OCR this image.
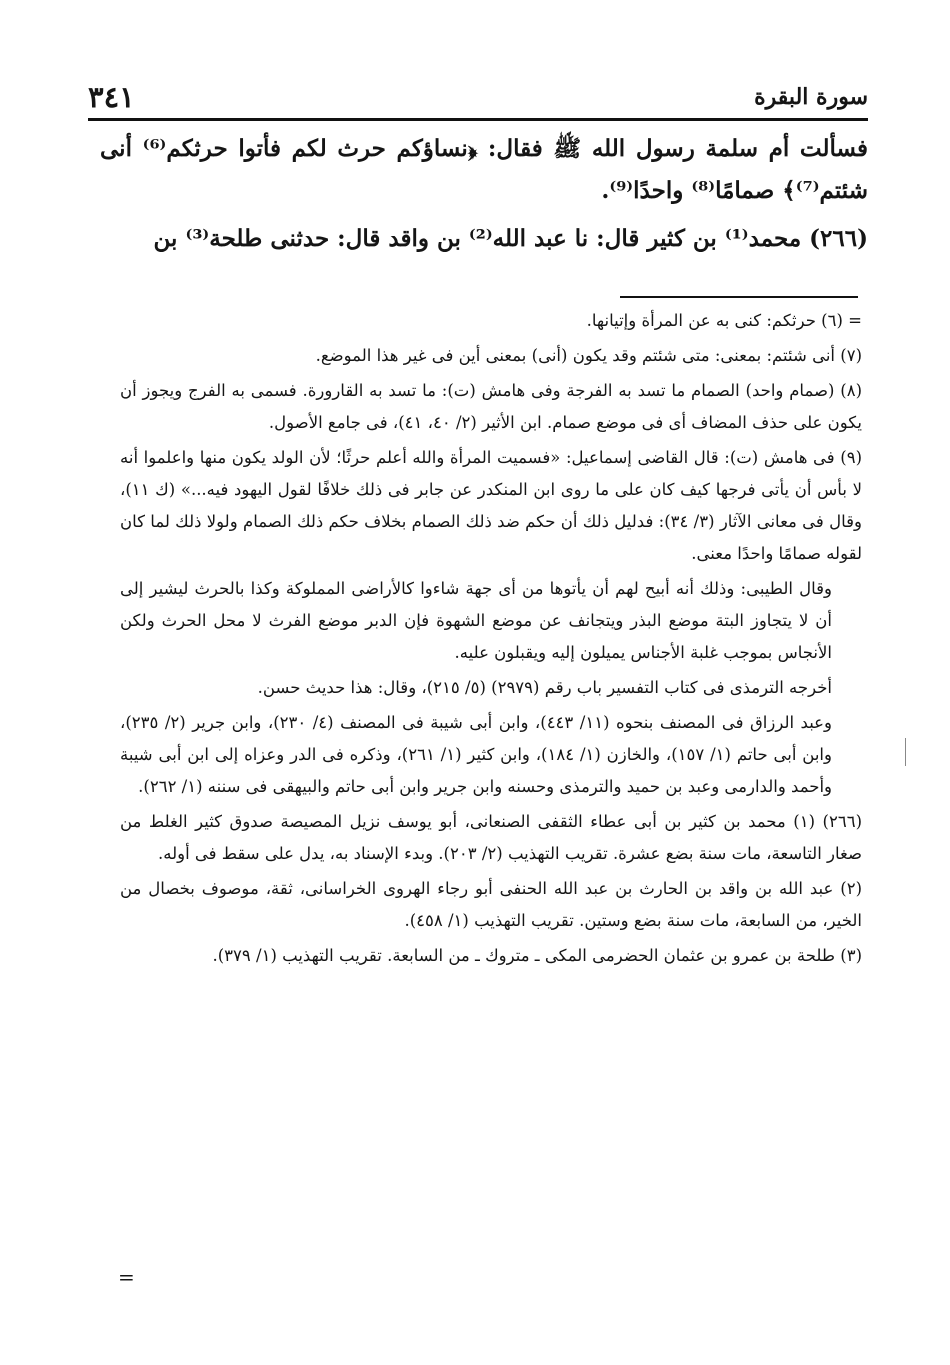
٣٤١	سورة البقرة

فسألت أم سلمة رسول الله ﷺ فقال: ﴿نساؤكم حرث لكم فأتوا حرثكم⁽⁶⁾ أنى شئتم⁽⁷⁾﴾ صمامًا⁽⁸⁾ واحدًا⁽⁹⁾.

(٢٦٦) محمد⁽¹⁾ بن كثير قال: نا عبد الله⁽²⁾ بن واقد قال: حدثنى طلحة⁽³⁾ بن

= (٦) حرثكم: كنى به عن المرأة وإتيانها.

(٧) أنى شئتم: بمعنى: متى شئتم وقد يكون (أنى) بمعنى أين فى غير هذا الموضع.

(٨) (صمام واحد) الصمام ما تسد به الفرجة وفى هامش (ت): ما تسد به القارورة. فسمى به الفرج ويجوز أن يكون على حذف المضاف أى فى موضع صمام. ابن الأثير (٢/ ٤٠، ٤١)، فى جامع الأصول.

(٩) فى هامش (ت): قال القاضى إسماعيل: «فسميت المرأة والله أعلم حرثًا؛ لأن الولد يكون منها واعلموا أنه لا بأس أن يأتى فرجها كيف كان على ما روى ابن المنكدر عن جابر فى ذلك خلافًا لقول اليهود فيه...» (ك ١١)، وقال فى معانى الآثار (٣/ ٣٤): فدليل ذلك أن حكم ضد ذلك الصمام بخلاف حكم ذلك الصمام ولولا ذلك لما كان لقوله صمامًا واحدًا معنى.

وقال الطيبى: وذلك أنه أبيح لهم أن يأتوها من أى جهة شاءوا كالأراضى المملوكة وكذا بالحرث ليشير إلى أن لا يتجاوز البتة موضع البذر ويتجانف عن موضع الشهوة فإن الدبر موضع الفرث لا محل الحرث ولكن الأنجاس بموجب غلبة الأجناس يميلون إليه ويقبلون عليه.

أخرجه الترمذى فى كتاب التفسير باب رقم (٢٩٧٩) (٥/ ٢١٥)، وقال: هذا حديث حسن.

وعبد الرزاق فى المصنف بنحوه (١١/ ٤٤٣)، وابن أبى شيبة فى المصنف (٤/ ٢٣٠)، وابن جرير (٢/ ٢٣٥)، وابن أبى حاتم (١/ ١٥٧)، والخازن (١/ ١٨٤)، وابن كثير (١/ ٢٦١)، وذكره فى الدر وعزاه إلى ابن أبى شيبة وأحمد والدارمى وعبد بن حميد والترمذى وحسنه وابن جرير وابن أبى حاتم والبيهقى فى سننه (١/ ٢٦٢).

(٢٦٦) (١) محمد بن كثير بن أبى عطاء الثقفى الصنعانى، أبو يوسف نزيل المصيصة صدوق كثير الغلط من صغار التاسعة، مات سنة بضع عشرة. تقريب التهذيب (٢/ ٢٠٣). وبدء الإسناد به، يدل على سقط فى أوله.

(٢) عبد الله بن واقد بن الحارث بن عبد الله الحنفى أبو رجاء الهروى الخراسانى، ثقة، موصوف بخصال من الخير، من السابعة، مات سنة بضع وستين. تقريب التهذيب (١/ ٤٥٨).

(٣) طلحة بن عمرو بن عثمان الحضرمى المكى ـ متروك ـ من السابعة. تقريب التهذيب (١/ ٣٧٩).

=
